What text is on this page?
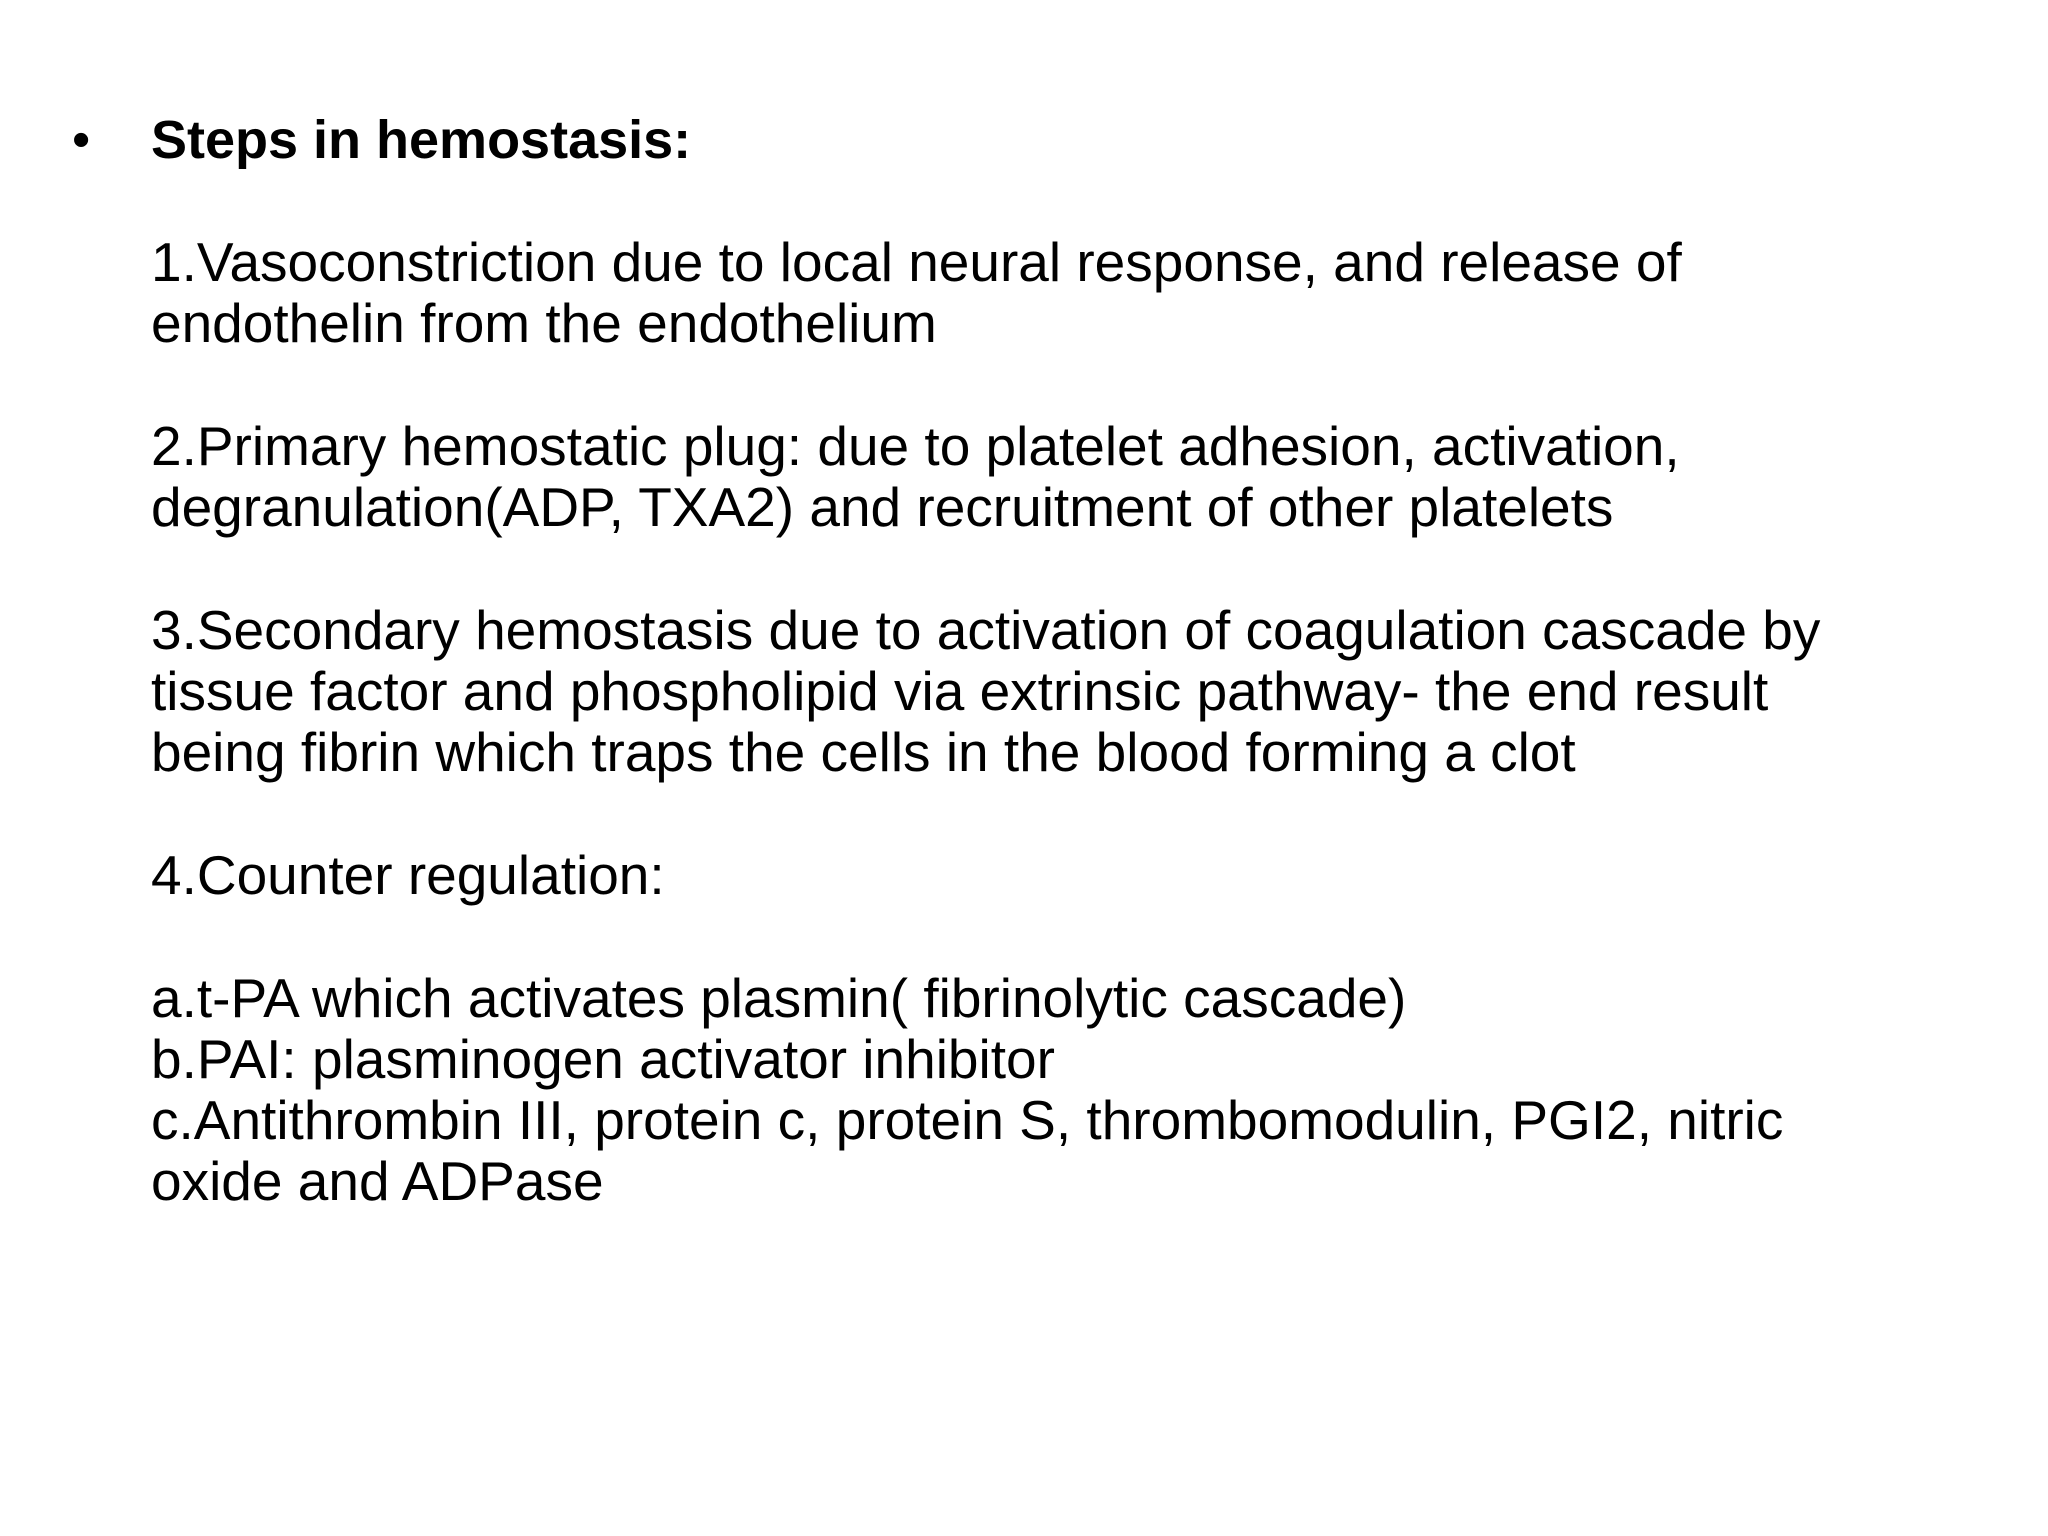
• Steps in hemostasis:

1.Vasoconstriction due to local neural response, and release of
endothelin from the endothelium

2.Primary hemostatic plug: due to platelet adhesion, activation,
degranulation(ADP, TXA2) and recruitment of other platelets

3.Secondary hemostasis due to activation of coagulation cascade by
tissue factor and phospholipid via extrinsic pathway- the end result
being fibrin which traps the cells in the blood forming a clot

4.Counter regulation:

a.t-PA which activates plasmin( fibrinolytic cascade)
b.PAI: plasminogen activator inhibitor
c.Antithrombin III, protein c, protein S, thrombomodulin, PGI2, nitric
oxide and ADPase
